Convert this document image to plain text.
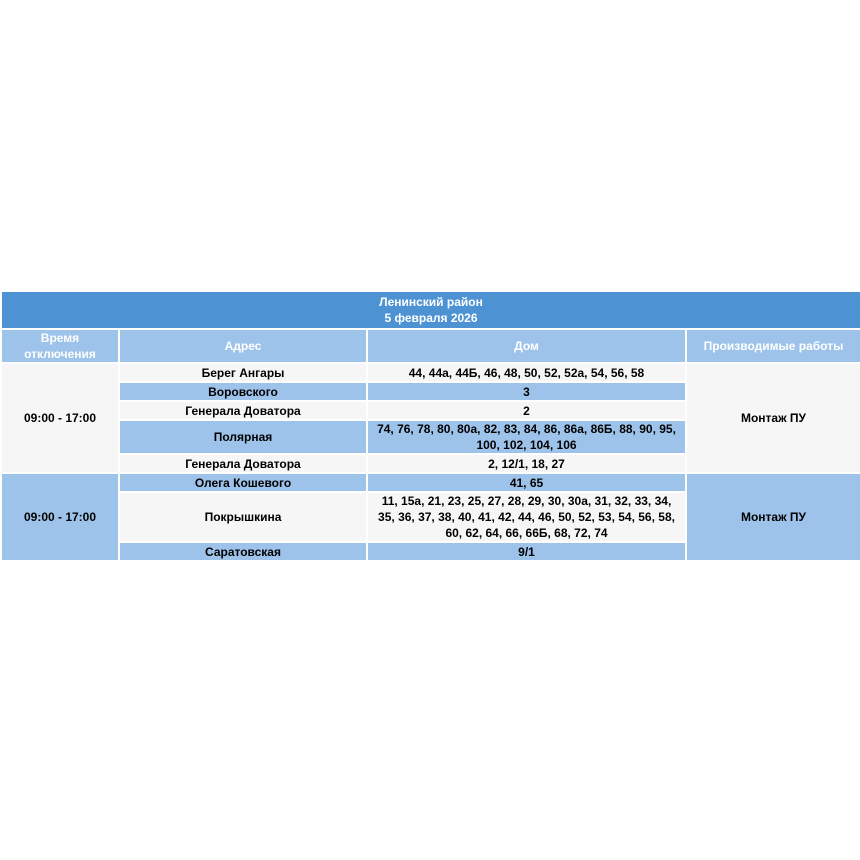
Ленинский район
5 февраля 2026			

Время отключения	Адрес	Дом	Производимые работы
09:00 - 17:00	Берег Ангары	44, 44а, 44Б, 46, 48, 50, 52, 52а, 54, 56, 58	Монтаж ПУ
	Воровского	3	
	Генерала Доватора	2	
	Полярная	74, 76, 78, 80, 80а, 82, 83, 84, 86, 86а, 86Б, 88, 90, 95, 100, 102, 104, 106	
	Генерала Доватора	2, 12/1, 18, 27	
09:00 - 17:00	Олега Кошевого	41, 65	Монтаж ПУ
	Покрышкина	11, 15а, 21, 23, 25, 27, 28, 29, 30, 30а, 31, 32, 33, 34, 35, 36, 37, 38, 40, 41, 42, 44, 46, 50, 52, 53, 54, 56, 58, 60, 62, 64, 66, 66Б, 68, 72, 74	
	Саратовская	9/1	
